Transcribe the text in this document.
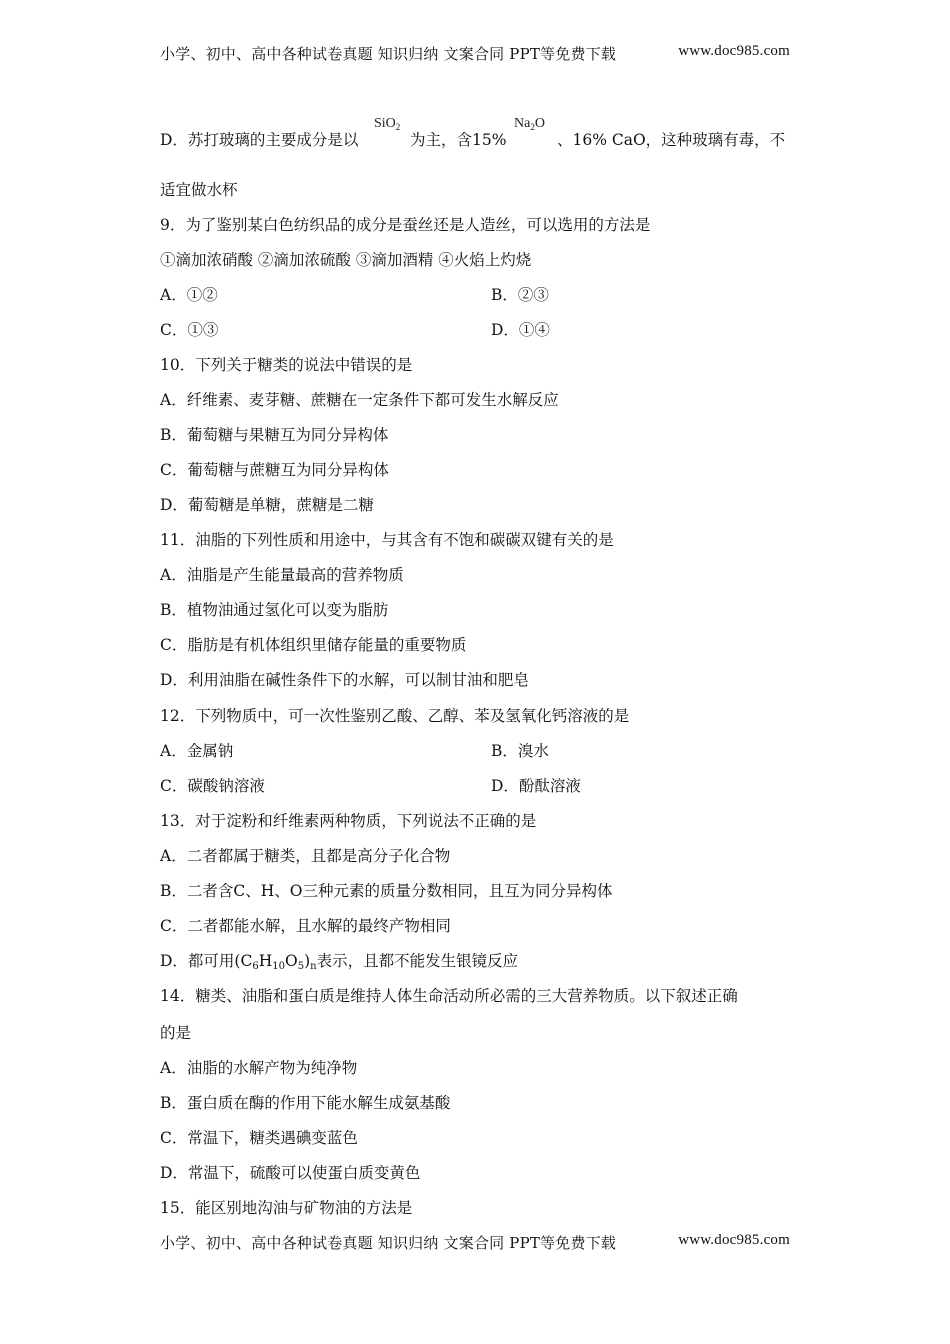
小学、初中、高中各种试卷真题 知识归纳 文案合同 PPT等免费下载	www.doc985.com
D．苏打玻璃的主要成分是以
SiO$_2$
为主，含15%
$Na_2O$
、16% CaO，这种玻璃有毒，不
适宜做水杯
9．为了鉴别某白色纺织品的成分是蚕丝还是人造丝，可以选用的方法是
①滴加浓硝酸 ②滴加浓硫酸 ③滴加酒精 ④火焰上灼烧
A．①②	B．②③
C．①③	D．①④
10．下列关于糖类的说法中错误的是
A．纤维素、麦芽糖、蔗糖在一定条件下都可发生水解反应
B．葡萄糖与果糖互为同分异构体
C．葡萄糖与蔗糖互为同分异构体
D．葡萄糖是单糖，蔗糖是二糖
11．油脂的下列性质和用途中，与其含有不饱和碳碳双键有关的是
A．油脂是产生能量最高的营养物质
B．植物油通过氢化可以变为脂肪
C．脂肪是有机体组织里储存能量的重要物质
D．利用油脂在碱性条件下的水解，可以制甘油和肥皂
12．下列物质中，可一次性鉴别乙酸、乙醇、苯及氢氧化钙溶液的是
A．金属钠	B．溴水
C．碳酸钠溶液	D．酚酞溶液
13．对于淀粉和纤维素两种物质，下列说法不正确的是
A．二者都属于糖类，且都是高分子化合物
B．二者含C、H、O三种元素的质量分数相同，且互为同分异构体
C．二者都能水解，且水解的最终产物相同
D．都可用$(C_6H_{10}O_5)_n$表示，且都不能发生银镜反应
14．糖类、油脂和蛋白质是维持人体生命活动所必需的三大营养物质。以下叙述正确
的是
A．油脂的水解产物为纯净物
B．蛋白质在酶的作用下能水解生成氨基酸
C．常温下，糖类遇碘变蓝色
D．常温下，硫酸可以使蛋白质变黄色
15．能区别地沟油与矿物油的方法是
小学、初中、高中各种试卷真题 知识归纳 文案合同 PPT等免费下载	www.doc985.com
